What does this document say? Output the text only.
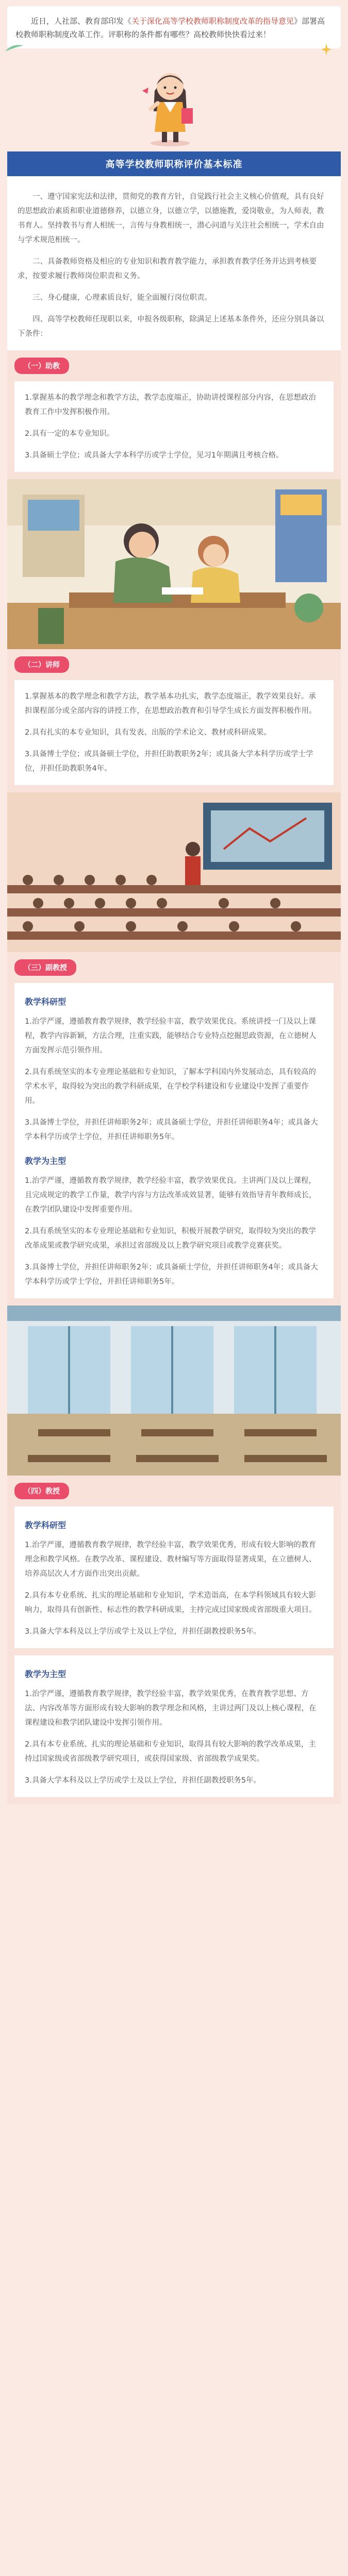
近日，人社部、教育部印发《关于深化高等学校教师职称制度改革的指导意见》部署高校教师职称制度改革工作。评职称的条件都有哪些？高校教师快快看过来！

高等学校教师职称评价基本标准

一、遵守国家宪法和法律，贯彻党的教育方针，自觉践行社会主义核心价值观，具有良好的思想政治素质和职业道德修养，以德立身，以德立学，以德施教，爱岗敬业，为人师表，教书育人。坚持教书与育人相统一，言传与身教相统一，潜心问道与关注社会相统一，学术自由与学术规范相统一。

二、具备教师资格及相应的专业知识和教育教学能力，承担教育教学任务并达到考核要求，按要求履行教师岗位职责和义务。

三、身心健康，心理素质良好，能全面履行岗位职责。

四、高等学校教师任现职以来，申报各级职称，除满足上述基本条件外，还应分别具备以下条件：

（一）助教

1.掌握基本的教学理念和教学方法，教学态度端正，协助讲授课程部分内容，在思想政治教育工作中发挥积极作用。

2.具有一定的本专业知识。

3.具备硕士学位；或具备大学本科学历或学士学位，见习1年期满且考核合格。

（二）讲师

1.掌握基本的教学理念和教学方法，教学基本功扎实，教学态度端正，教学效果良好。承担课程部分或全部内容的讲授工作，在思想政治教育和引导学生成长方面发挥积极作用。

2.具有扎实的本专业知识，具有发表、出版的学术论文、教材或科研成果。

3.具备博士学位；或具备硕士学位，并担任助教职务2年；或具备大学本科学历或学士学位，并担任助教职务4年。

（三）副教授
教学科研型

1.治学严谨，遵循教育教学规律，教学经验丰富，教学效果优良。系统讲授一门及以上课程，教学内容新颖，方法合理，注重实践，能够结合专业特点挖掘思政资源，在立德树人方面发挥示范引领作用。

2.具有系统坚实的本专业理论基础和专业知识，了解本学科国内外发展动态，具有较高的学术水平，取得较为突出的教学科研成果，在学校学科建设和专业建设中发挥了重要作用。

3.具备博士学位，并担任讲师职务2年；或具备硕士学位，并担任讲师职务4年；或具备大学本科学历或学士学位，并担任讲师职务5年。

教学为主型

1.治学严谨，遵循教育教学规律，教学经验丰富，教学效果优良。主讲两门及以上课程，且完成规定的教学工作量，教学内容与方法改革成效显著，能够有效指导青年教师成长，在教学团队建设中发挥重要作用。

2.具有系统坚实的本专业理论基础和专业知识，积极开展教学研究，取得较为突出的教学改革成果或教学研究成果，承担过省部级及以上教学研究项目或教学竞赛获奖。

3.具备博士学位，并担任讲师职务2年；或具备硕士学位，并担任讲师职务4年；或具备大学本科学历或学士学位，并担任讲师职务5年。

（四）教授
教学科研型

1.治学严谨，遵循教育教学规律，教学经验丰富，教学效果优秀，形成有较大影响的教育理念和教学风格。在教学改革、课程建设、教材编写等方面取得显著成果，在立德树人、培养高层次人才方面作出突出贡献。

2.具有本专业系统、扎实的理论基础和专业知识，学术造诣高，在本学科领域具有较大影响力，取得具有创新性、标志性的教学科研成果，主持完成过国家级或省部级重大项目。

3.具备大学本科及以上学历或学士及以上学位，并担任副教授职务5年。

教学为主型

1.治学严谨，遵循教育教学规律，教学经验丰富，教学效果优秀，在教育教学思想、方法、内容改革等方面形成有较大影响的教学理念和风格，主讲过两门及以上核心课程，在课程建设和教学团队建设中发挥引领作用。

2.具有本专业系统、扎实的理论基础和专业知识，取得具有较大影响的教学改革成果，主持过国家级或省部级教学研究项目，或获得国家级、省部级教学成果奖。

3.具备大学本科及以上学历或学士及以上学位，并担任副教授职务5年。
